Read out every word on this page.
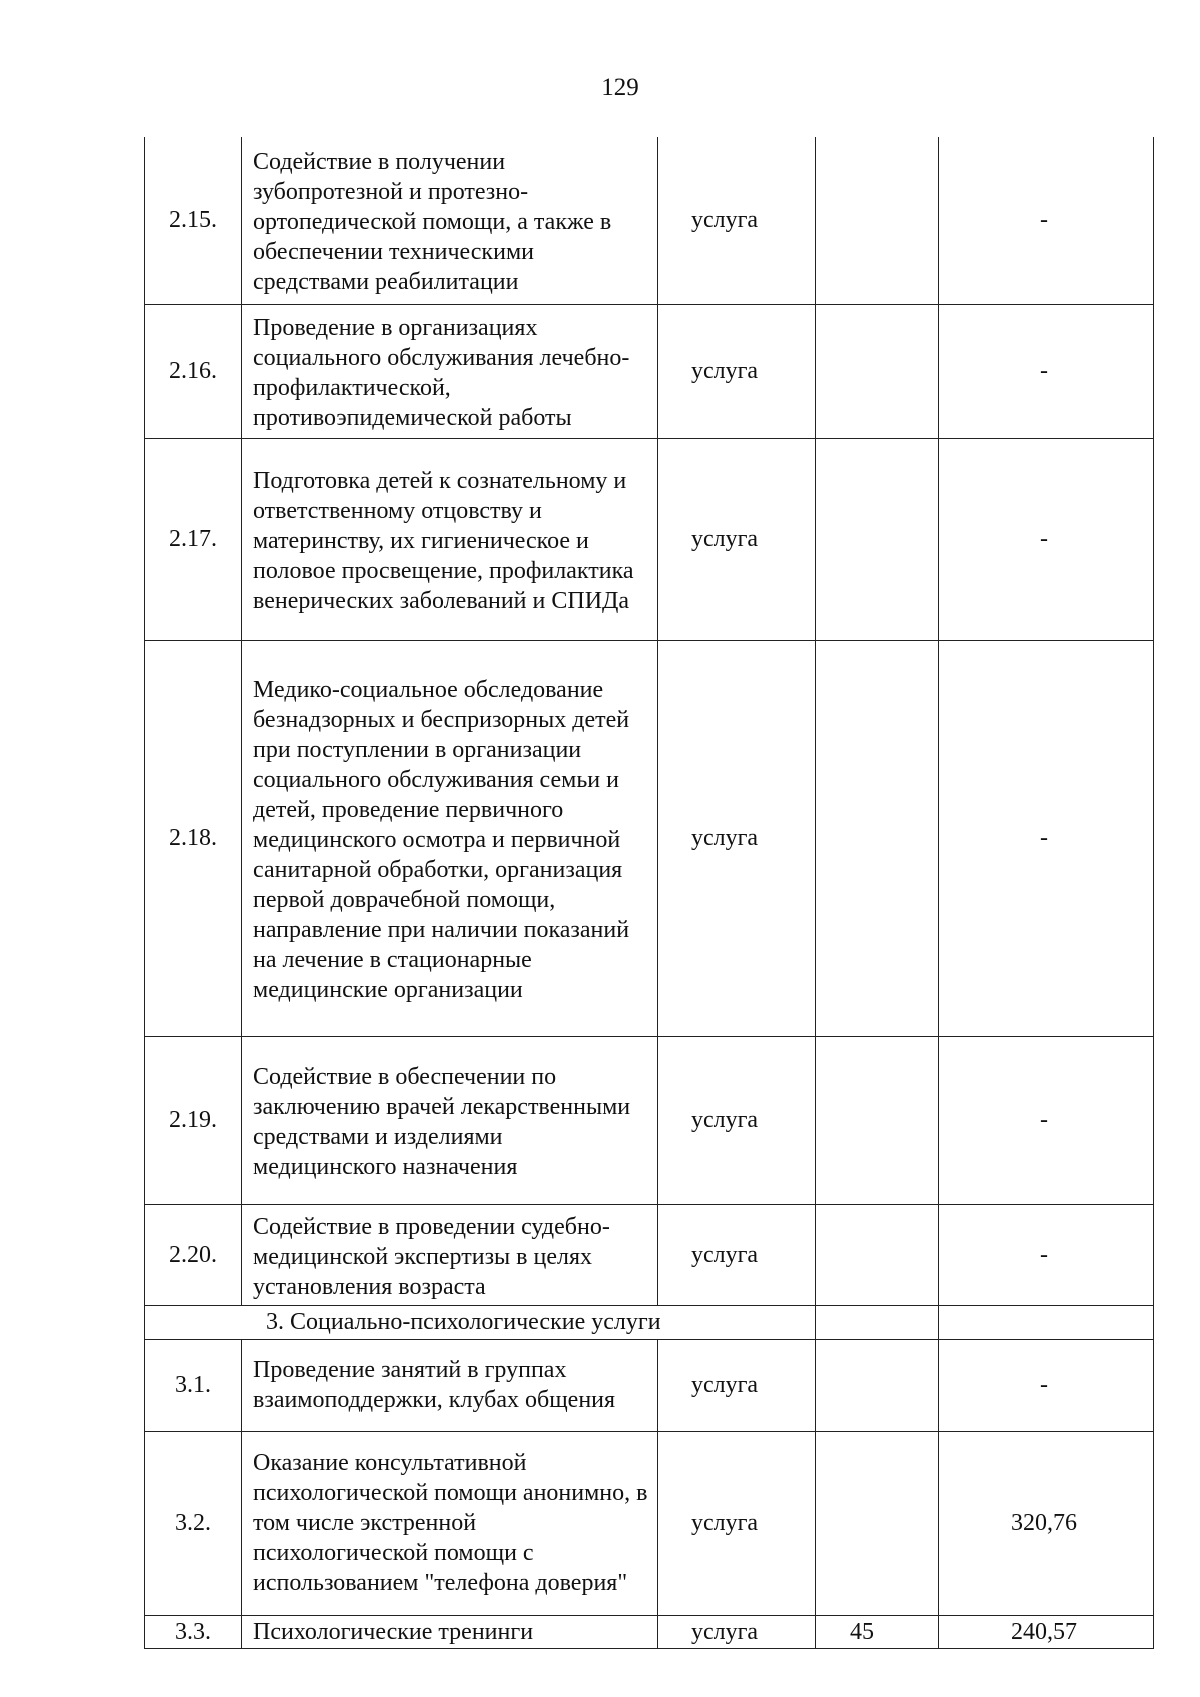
129
2.15.	Содействие в получении зубопротезной и протезно-ортопедической помощи, а также в обеспечении техническими средствами реабилитации	услуга		-
2.16.	Проведение в организациях социального обслуживания лечебно-профилактической, противоэпидемической работы	услуга		-
2.17.	Подготовка детей к сознательному и ответственному отцовству и материнству, их гигиеническое и половое просвещение, профилактика венерических заболеваний и СПИДа	услуга		-
2.18.	Медико-социальное обследование безнадзорных и беспризорных детей при поступлении в организации социального обслуживания семьи и детей, проведение первичного медицинского осмотра и первичной санитарной обработки, организация первой доврачебной помощи, направление при наличии показаний на лечение в стационарные медицинские организации	услуга		-
2.19.	Содействие в обеспечении по заключению врачей лекарственными средствами и изделиями медицинского назначения	услуга		-
2.20.	Содействие в проведении судебно-медицинской экспертизы в целях установления возраста	услуга		-
3. Социально-психологические услуги				
3.1.	Проведение занятий в группах взаимоподдержки, клубах общения	услуга		-
3.2.	Оказание консультативной психологической помощи анонимно, в том числе экстренной психологической помощи с использованием "телефона доверия"	услуга		320,76
3.3.	Психологические тренинги	услуга	45	240,57
